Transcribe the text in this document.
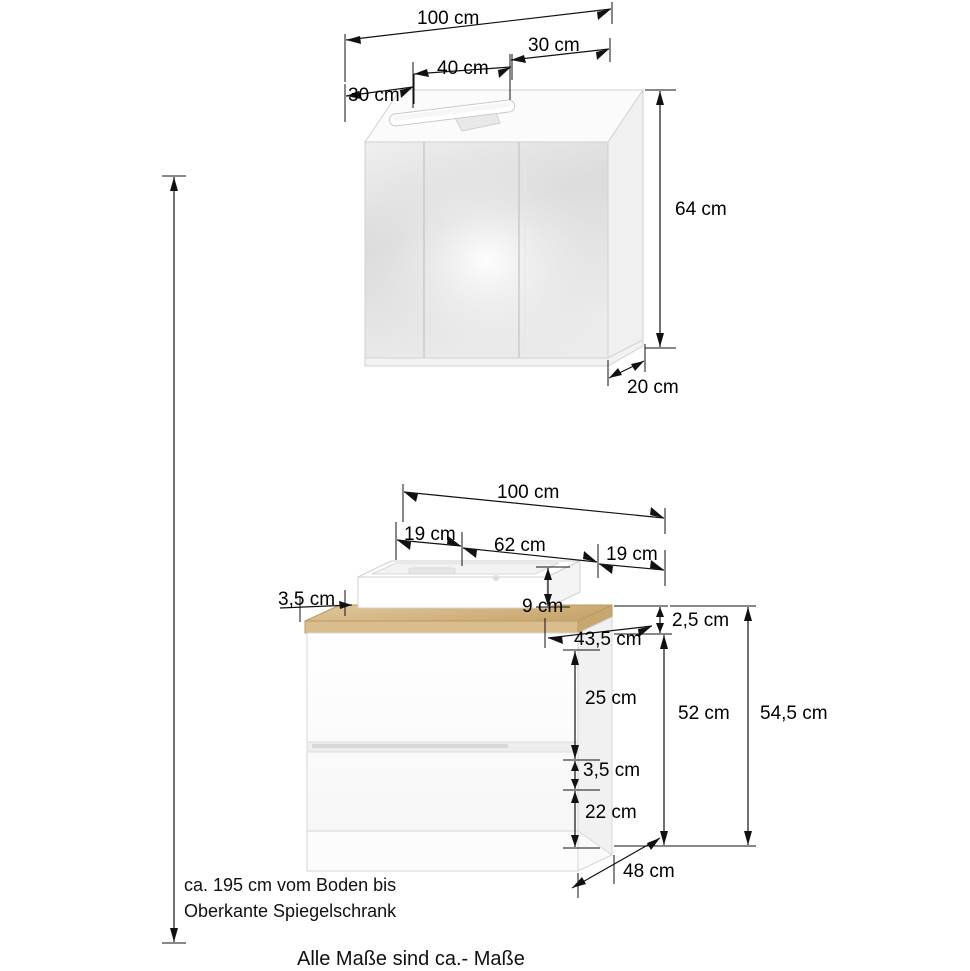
100 cm
30 cm
40 cm
30 cm
64 cm
20 cm
100 cm
19 cm
62 cm	19 cm
3,5 cm	9 cm
2,5 cm
43,5 cm
25 cm
3,5 cm
22 cm
52 cm 54,5 cm
48 cm
ca. 195 cm vom Boden bis
Oberkante Spiegelschrank
Alle Maße sind ca.- Maße
